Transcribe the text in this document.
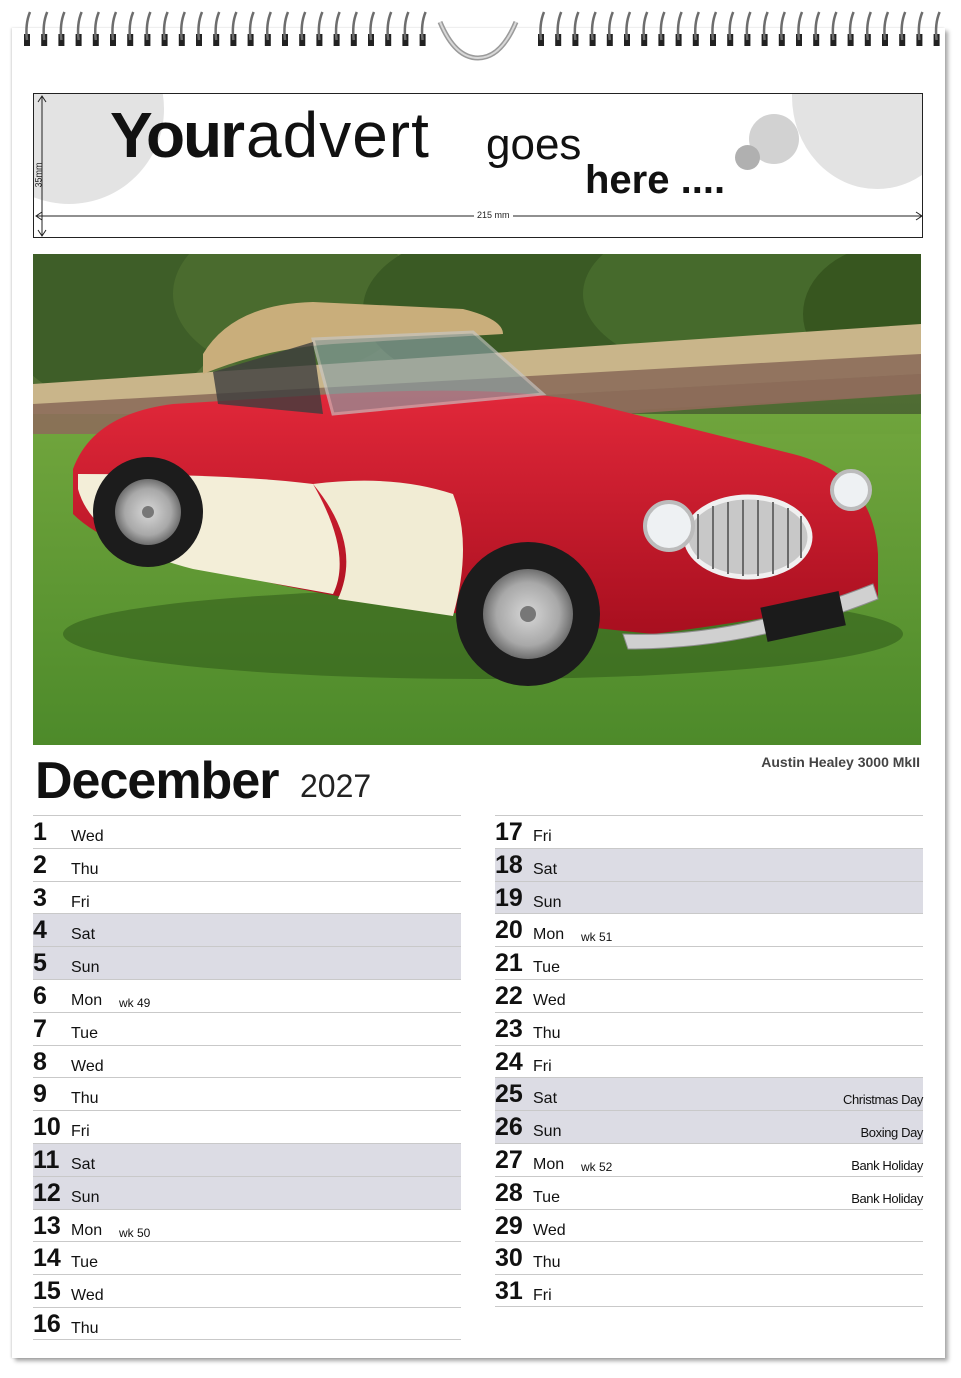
Your advert goes
here ....
215 mm
35mm
Austin Healey 3000 MkII
December 2027
1 Wed
2 Thu
3 Fri
4 Sat
5 Sun
6 Mon wk 49
7 Tue
8 Wed
9 Thu
10 Fri
11 Sat
12 Sun
13 Mon wk 50
14 Tue
15 Wed
16 Thu
17 Fri
18 Sat
19 Sun
20 Mon wk 51
21 Tue
22 Wed
23 Thu
24 Fri
25 Sat	Christmas Day
26 Sun	Boxing Day
27 Mon wk 52	Bank Holiday
28 Tue	Bank Holiday
29 Wed
30 Thu
31 Fri
